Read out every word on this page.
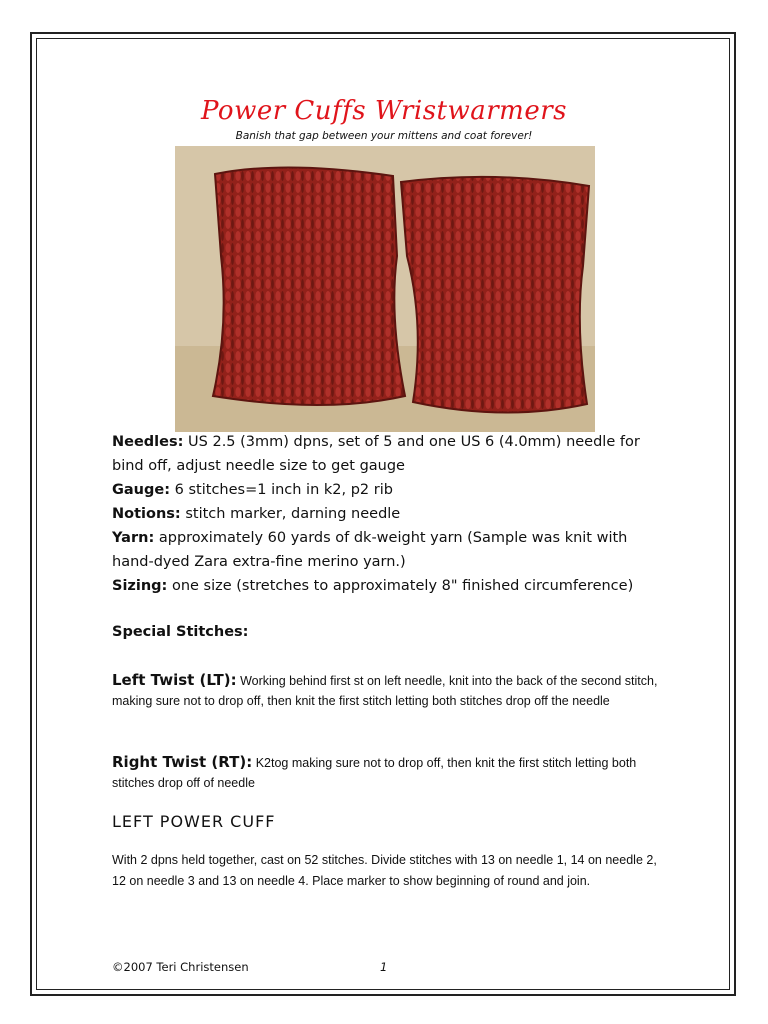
Power Cuffs Wristwarmers
Banish that gap between your mittens and coat forever!
Needles: US 2.5 (3mm) dpns, set of 5 and one US 6 (4.0mm) needle for bind off, adjust needle size to get gauge
Gauge: 6 stitches=1 inch in k2, p2 rib
Notions: stitch marker, darning needle
Yarn: approximately 60 yards of dk-weight yarn (Sample was knit with hand-dyed Zara extra-fine merino yarn.)
Sizing: one size (stretches to approximately 8" finished circumference)
Special Stitches:
Left Twist (LT): Working behind first st on left needle, knit into the back of the second stitch, making sure not to drop off, then knit the first stitch letting both stitches drop off the needle
Right Twist (RT): K2tog making sure not to drop off, then knit the first stitch letting both stitches drop off of needle
LEFT POWER CUFF
With 2 dpns held together, cast on 52 stitches. Divide stitches with 13 on needle 1, 14 on needle 2, 12 on needle 3 and 13 on needle 4. Place marker to show beginning of round and join.
©2007 Teri Christensen	1
